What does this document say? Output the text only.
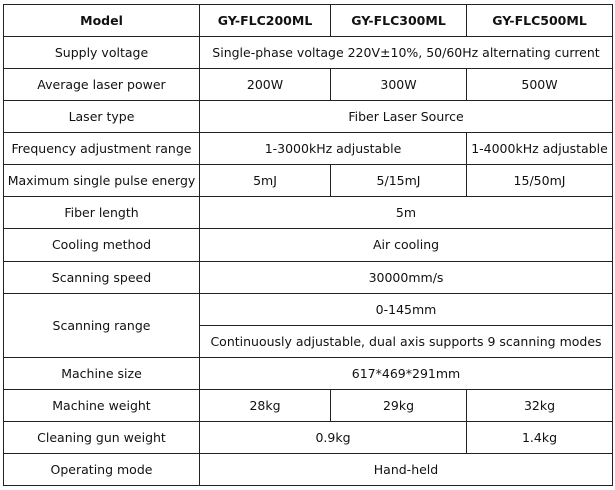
Model	GY-FLC200ML	GY-FLC300ML	GY-FLC500ML
Supply voltage	Single-phase voltage 220V±10%, 50/60Hz alternating current		
Average laser power	200W	300W	500W
Laser type	Fiber Laser Source		
Frequency adjustment range	1-3000kHz adjustable		1-4000kHz adjustable
Maximum single pulse energy	5mJ	5/15mJ	15/50mJ
Fiber length	5m		
Cooling method	Air cooling		
Scanning speed	30000mm/s		
Scanning range	0-145mm		
	Continuously adjustable, dual axis supports 9 scanning modes		
Machine size	617*469*291mm		
Machine weight	28kg	29kg	32kg
Cleaning gun weight	0.9kg		1.4kg
Operating mode	Hand-held		
